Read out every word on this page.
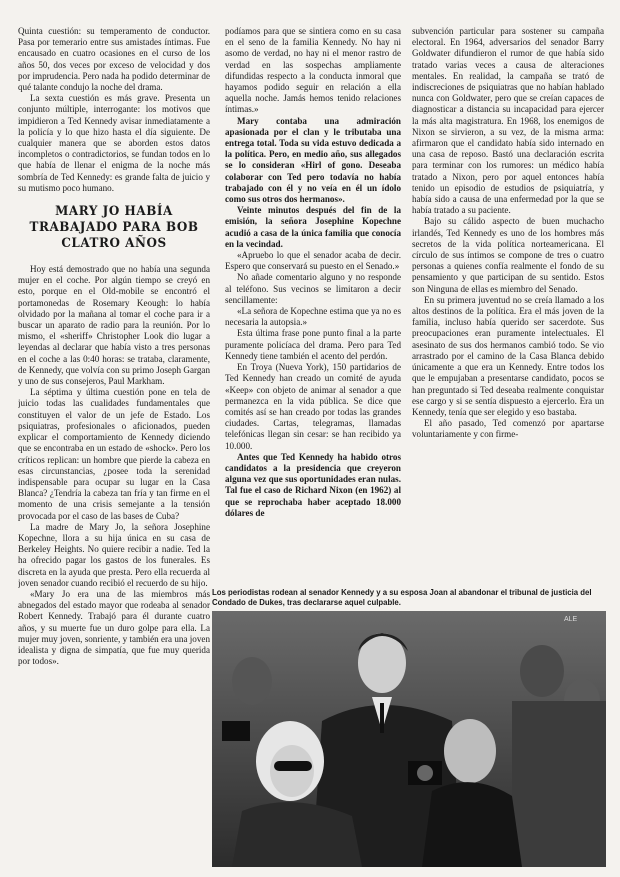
Quinta cuestión: su temperamento de conductor. Pasa por temerario entre sus amistades íntimas. Fue encausado en cuatro ocasiones en el curso de los años 50, dos veces por exceso de velocidad y dos por imprudencia. Pero nada ha podido determinar de qué talante condujo la noche del drama.

La sexta cuestión es más grave. Presenta un conjunto múltiple, interrogante: los motivos que impidieron a Ted Kennedy avisar inmediatamente a la policía y lo que hizo hasta el día siguiente. De cualquier manera que se aborden estos datos incompletos o contradictorios, se fundan todos en lo que había de llenar el enigma de la noche más sombría de Ted Kennedy: es grande falta de juicio y su mutismo poco humano.

MARY JO HABÍA TRABAJADO PARA BOB CLATRO AÑOS

Hoy está demostrado que no había una segunda mujer en el coche. Por algún tiempo se creyó en esto, porque en el Old-mobile se encontró el portamonedas de Rosemary Keough: lo había olvidado por la mañana al tomar el coche para ir a buscar un aparato de radio para la reunión. Por lo mismo, el «sheriff» Christopher Look dio lugar a leyendas al declarar que había visto a tres personas en el coche a las 0:40 horas: se trataba, claramente, de Kennedy, que volvía con su primo Joseph Gargan y uno de sus consejeros, Paul Markham.

La séptima y última cuestión pone en tela de juicio todas las cualidades fundamentales que constituyen el valor de un jefe de Estado. Los psiquiatras, profesionales o aficionados, pueden explicar el comportamiento de Kennedy diciendo que se encontraba en un estado de «shock». Pero los críticos replican: un hombre que pierde la cabeza en esas circunstancias, ¿posee toda la serenidad indispensable para ocupar su lugar en la Casa Blanca? ¿Tendría la cabeza tan fría y tan firme en el momento de una crisis semejante a la tensión provocada por el caso de las bases de Cuba?

La madre de Mary Jo, la señora Josephine Kopechne, llora a su hija única en su casa de Berkeley Heights. No quiere recibir a nadie. Ted la ha ofrecido pagar los gastos de los funerales. Es discreta en la ayuda que presta. Pero ella recuerda al joven senador cuando recibió el recuerdo de su hijo.

«Mary Jo era una de las miembros más abnegados del estado mayor que rodeaba al senador Robert Kennedy. Trabajó para él durante cuatro años, y su muerte fue un duro golpe para ella. La mujer muy joven, sonriente, y también era una joven idealista y digna de simpatía, que fue muy querida por todos».

podíamos para que se sintiera como en su casa en el seno de la familia Kennedy. No hay ni asomo de verdad, no hay ni el menor rastro de verdad en las sospechas ampliamente difundidas respecto a la conducta inmoral que hayamos podido seguir en relación a ella aquella noche. Jamás hemos tenido relaciones íntimas.»

Mary contaba una admiración apasionada por el clan y le tributaba una entrega total. Toda su vida estuvo dedicada a la política. Pero, en medio año, sus allegados se lo consideran «Hirl of gono. Deseaba colaborar con Ted pero todavía no había trabajado con él y no veía en él un ídolo como sus otros dos hermanos».

Veinte minutos después del fin de la emisión, la señora Josephine Kopechne acudió a casa de la única familia que conocía en la vecindad.

«Apruebo lo que el senador acaba de decir. Espero que conservará su puesto en el Senado.»

No añade comentario alguno y no responde al teléfono. Sus vecinos se limitaron a decir sencillamente:

«La señora de Kopechne estima que ya no es necesaria la autopsia.»

Esta última frase pone punto final a la parte puramente policíaca del drama. Pero para Ted Kennedy tiene también el acento del perdón.

En Troya (Nueva York), 150 partidarios de Ted Kennedy han creado un comité de ayuda «Keep» con objeto de animar al senador a que permanezca en la vida pública. Se dice que comités así se han creado por todas las grandes ciudades. Cartas, telegramas, llamadas telefónicas llegan sin cesar: se han recibido ya 10.000.

Antes que Ted Kennedy ha habido otros candidatos a la presidencia que creyeron alguna vez que sus oportunidades eran nulas. Tal fue el caso de Richard Nixon (en 1962) al que se reprochaba haber aceptado 18.000 dólares de

subvención particular para sostener su campaña electoral. En 1964, adversarios del senador Barry Goldwater difundieron el rumor de que había sido tratado varias veces a causa de alteraciones mentales. En realidad, la campaña se trató de indiscreciones de psiquiatras que no habían hablado nunca con Goldwater, pero que se creían capaces de diagnosticar a distancia su incapacidad para ejercer la más alta magistratura. En 1968, los enemigos de Nixon se sirvieron, a su vez, de la misma arma: afirmaron que el candidato había sido internado en una casa de reposo. Bastó una declaración escrita para terminar con los rumores: un médico había tratado a Nixon, pero por aquel entonces había tenido un episodio de estudios de psiquiatría, y había sido a causa de una enfermedad por la que se había tratado a su paciente.

Bajo su cálido aspecto de buen muchacho irlandés, Ted Kennedy es uno de los hombres más secretos de la vida política norteamericana. El círculo de sus íntimos se compone de tres o cuatro personas a quienes confía realmente el fondo de su pensamiento y que participan de su sentido. Estos son Ninguna de ellas es miembro del Senado.

En su primera juventud no se creía llamado a los altos destinos de la política. Era el más joven de la familia, incluso había querido ser sacerdote. Sus preocupaciones eran puramente intelectuales. El asesinato de sus dos hermanos cambió todo. Se vio arrastrado por el camino de la Casa Blanca debido únicamente a que era un Kennedy. Entre todos los que le empujaban a presentarse candidato, pocos se han preguntado si Ted deseaba realmente conquistar ese cargo y si se sentía dispuesto a ejercerlo. Era un Kennedy, tenía que ser elegido y eso bastaba.

El año pasado, Ted comenzó por apartarse voluntariamente y con firme-

Los periodistas rodean al senador Kennedy y a su esposa Joan al abandonar el tribunal de justicia del Condado de Dukes, tras declararse aquel culpable.
ALE
